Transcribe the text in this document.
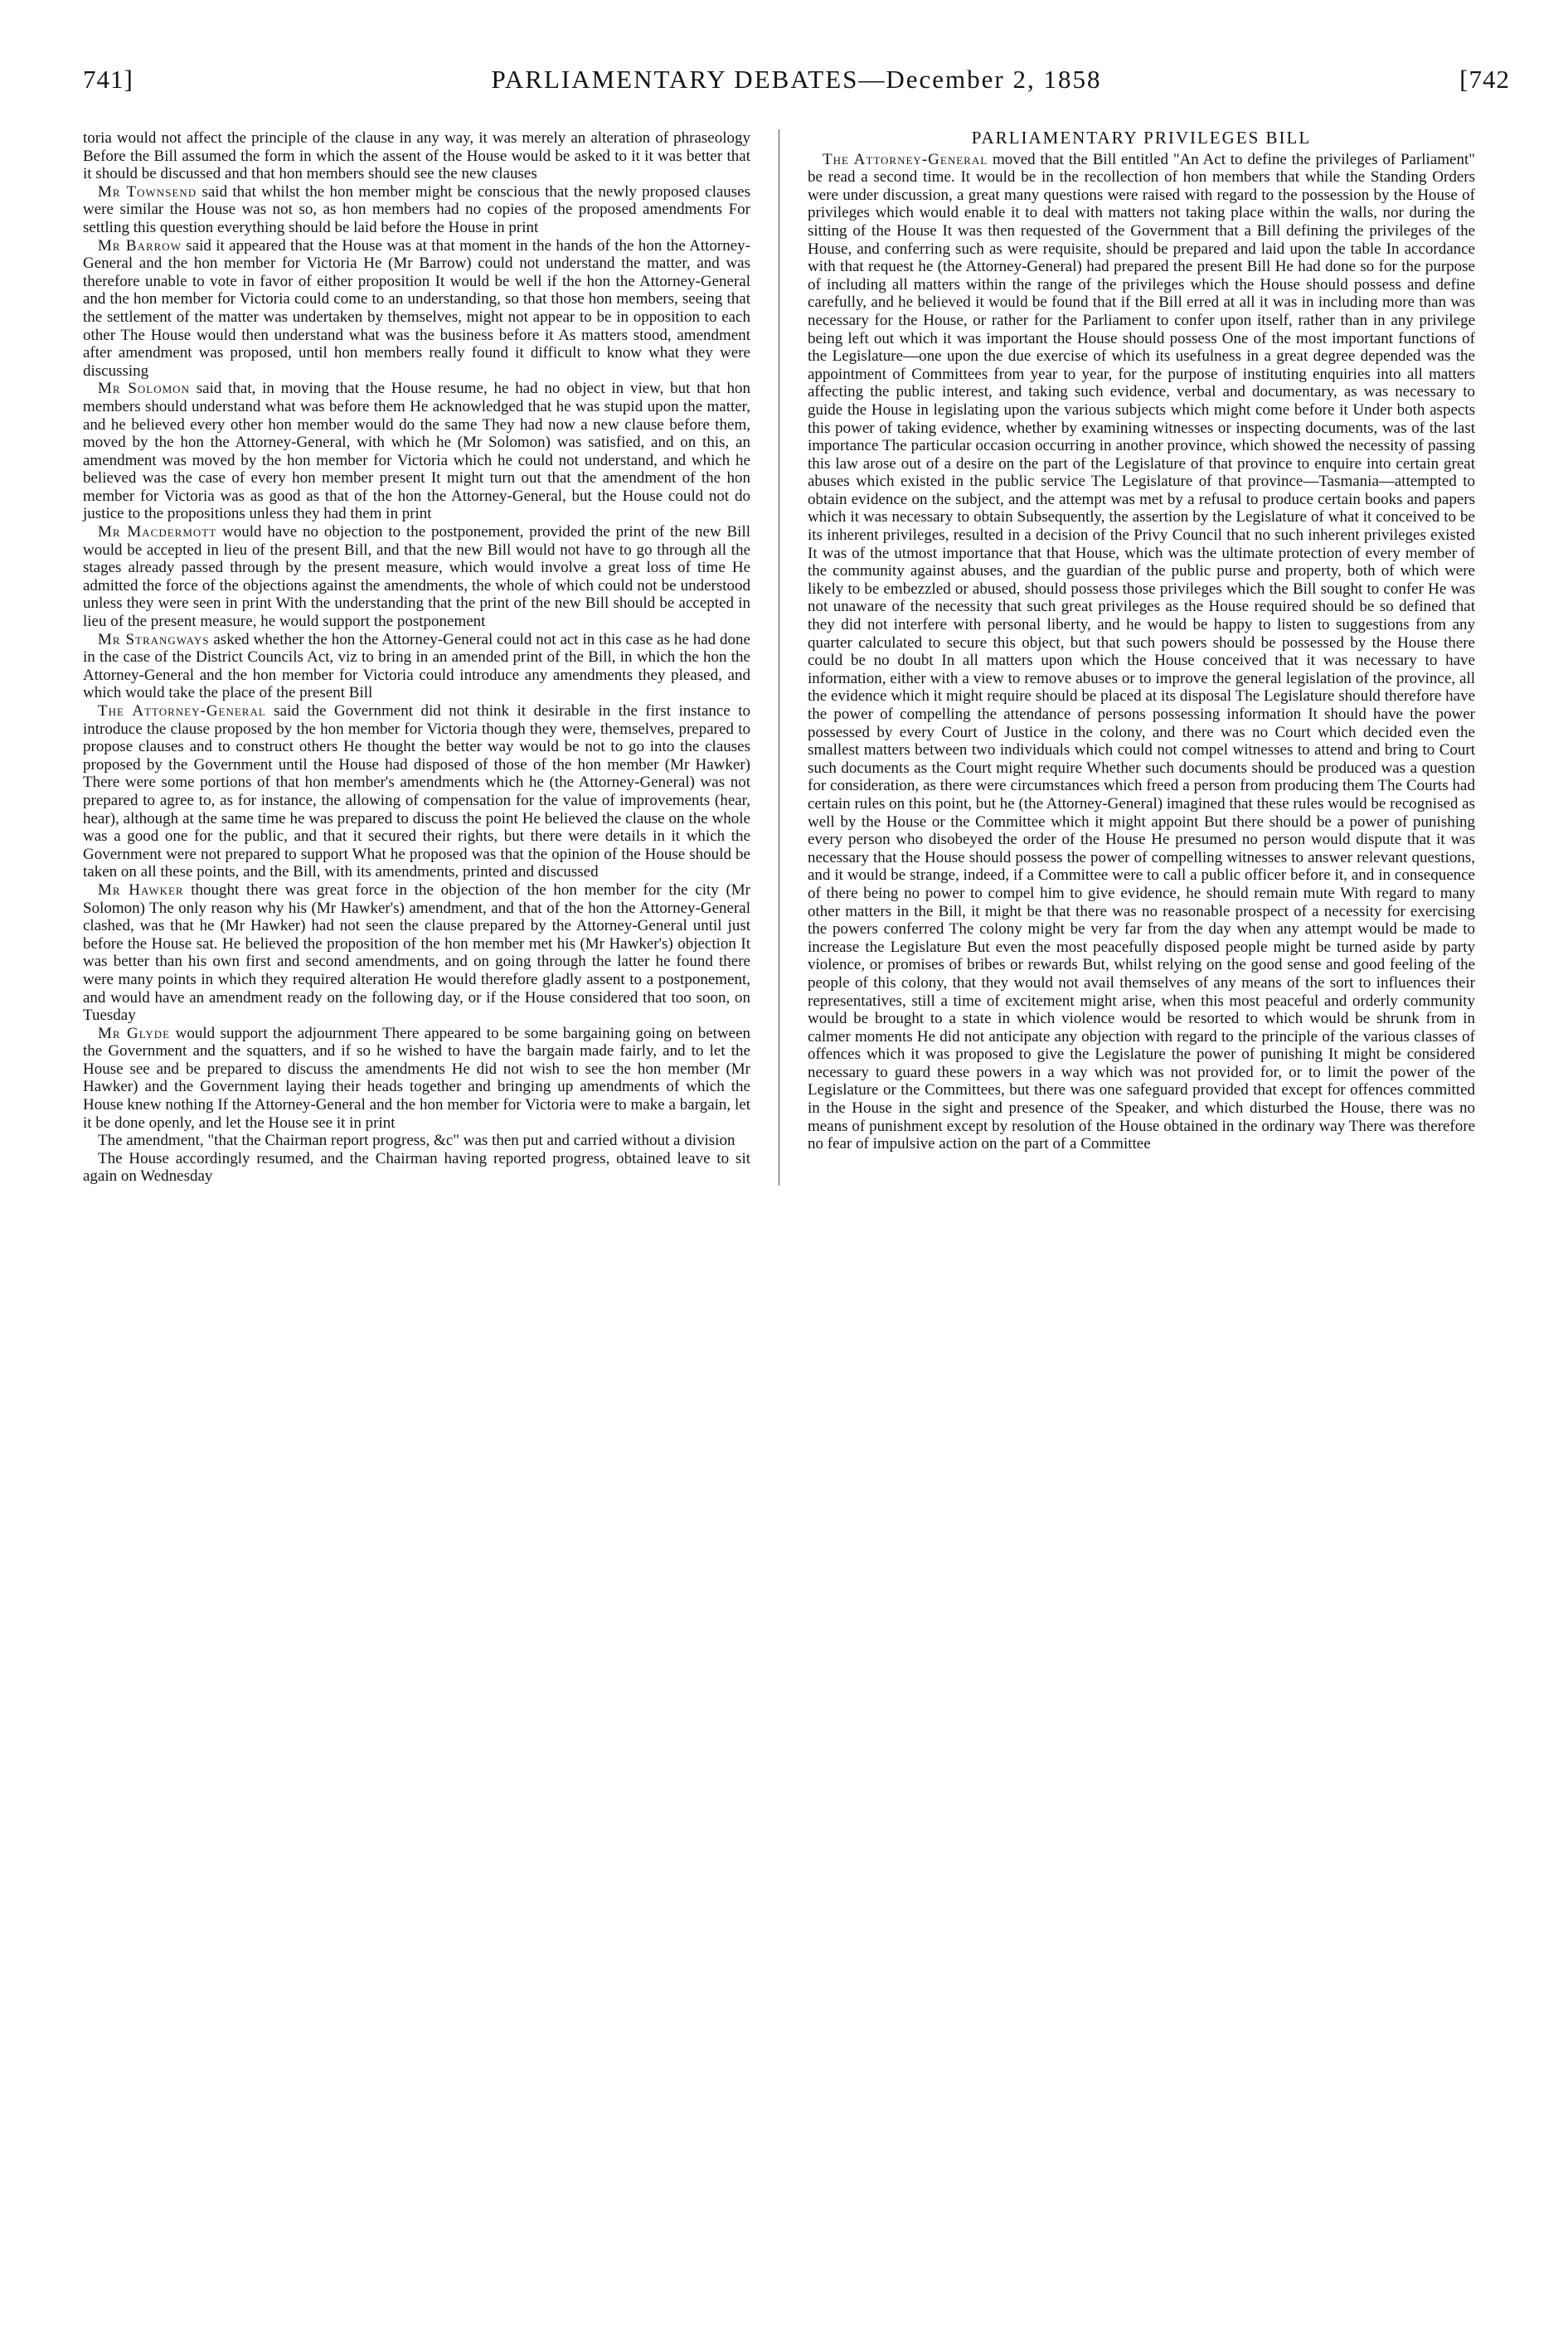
741]	PARLIAMENTARY DEBATES—December 2, 1858	[742

toria would not affect the principle of the clause in any way, it was merely an alteration of phraseology Before the Bill assumed the form in which the assent of the House would be asked to it it was better that it should be discussed and that hon members should see the new clauses

Mr Townsend said that whilst the hon member might be conscious that the newly proposed clauses were similar the House was not so, as hon members had no copies of the proposed amendments For settling this question everything should be laid before the House in print

Mr Barrow said it appeared that the House was at that moment in the hands of the hon the Attorney-General and the hon member for Victoria He (Mr Barrow) could not understand the matter, and was therefore unable to vote in favor of either proposition It would be well if the hon the Attorney-General and the hon member for Victoria could come to an understanding, so that those hon members, seeing that the settlement of the matter was undertaken by themselves, might not appear to be in opposition to each other The House would then understand what was the business before it As matters stood, amendment after amendment was proposed, until hon members really found it difficult to know what they were discussing

Mr Solomon said that, in moving that the House resume, he had no object in view, but that hon members should understand what was before them He acknowledged that he was stupid upon the matter, and he believed every other hon member would do the same They had now a new clause before them, moved by the hon the Attorney-General, with which he (Mr Solomon) was satisfied, and on this, an amendment was moved by the hon member for Victoria which he could not understand, and which he believed was the case of every hon member present It might turn out that the amendment of the hon member for Victoria was as good as that of the hon the Attorney-General, but the House could not do justice to the propositions unless they had them in print

Mr Macdermott would have no objection to the postponement, provided the print of the new Bill would be accepted in lieu of the present Bill, and that the new Bill would not have to go through all the stages already passed through by the present measure, which would involve a great loss of time He admitted the force of the objections against the amendments, the whole of which could not be understood unless they were seen in print With the understanding that the print of the new Bill should be accepted in lieu of the present measure, he would support the postponement

Mr Strangways asked whether the hon the Attorney-General could not act in this case as he had done in the case of the District Councils Act, viz to bring in an amended print of the Bill, in which the hon the Attorney-General and the hon member for Victoria could introduce any amendments they pleased, and which would take the place of the present Bill

The Attorney-General said the Government did not think it desirable in the first instance to introduce the clause proposed by the hon member for Victoria though they were, themselves, prepared to propose clauses and to construct others He thought the better way would be not to go into the clauses proposed by the Government until the House had disposed of those of the hon member (Mr Hawker) There were some portions of that hon member's amendments which he (the Attorney-General) was not prepared to agree to, as for instance, the allowing of compensation for the value of improvements (hear, hear), although at the same time he was prepared to discuss the point He believed the clause on the whole was a good one for the public, and that it secured their rights, but there were details in it which the Government were not prepared to support What he proposed was that the opinion of the House should be taken on all these points, and the Bill, with its amendments, printed and discussed

Mr Hawker thought there was great force in the objection of the hon member for the city (Mr Solomon) The only reason why his (Mr Hawker's) amendment, and that of the hon the Attorney-General clashed, was that he (Mr Hawker) had not seen the clause prepared by the Attorney-General until just before the House sat. He believed the proposition of the hon member met his (Mr Hawker's) objection It was better than his own first and second amendments, and on going through the latter he found there were many points in which they required alteration He would therefore gladly assent to a postponement, and would have an amendment ready on the following day, or if the House considered that too soon, on Tuesday

Mr Glyde would support the adjournment There appeared to be some bargaining going on between the Government and the squatters, and if so he wished to have the bargain made fairly, and to let the House see and be prepared to discuss the amendments He did not wish to see the hon member (Mr Hawker) and the Government laying their heads together and bringing up amendments of which the House knew nothing If the Attorney-General and the hon member for Victoria were to make a bargain, let it be done openly, and let the House see it in print

The amendment, "that the Chairman report progress, &c" was then put and carried without a division

The House accordingly resumed, and the Chairman having reported progress, obtained leave to sit again on Wednesday

PARLIAMENTARY PRIVILEGES BILL

The Attorney-General moved that the Bill entitled "An Act to define the privileges of Parliament" be read a second time. It would be in the recollection of hon members that while the Standing Orders were under discussion, a great many questions were raised with regard to the possession by the House of privileges which would enable it to deal with matters not taking place within the walls, nor during the sitting of the House It was then requested of the Government that a Bill defining the privileges of the House, and conferring such as were requisite, should be prepared and laid upon the table In accordance with that request he (the Attorney-General) had prepared the present Bill He had done so for the purpose of including all matters within the range of the privileges which the House should possess and define carefully, and he believed it would be found that if the Bill erred at all it was in including more than was necessary for the House, or rather for the Parliament to confer upon itself, rather than in any privilege being left out which it was important the House should possess One of the most important functions of the Legislature—one upon the due exercise of which its usefulness in a great degree depended was the appointment of Committees from year to year, for the purpose of instituting enquiries into all matters affecting the public interest, and taking such evidence, verbal and documentary, as was necessary to guide the House in legislating upon the various subjects which might come before it Under both aspects this power of taking evidence, whether by examining witnesses or inspecting documents, was of the last importance The particular occasion occurring in another province, which showed the necessity of passing this law arose out of a desire on the part of the Legislature of that province to enquire into certain great abuses which existed in the public service The Legislature of that province—Tasmania—attempted to obtain evidence on the subject, and the attempt was met by a refusal to produce certain books and papers which it was necessary to obtain Subsequently, the assertion by the Legislature of what it conceived to be its inherent privileges, resulted in a decision of the Privy Council that no such inherent privileges existed It was of the utmost importance that that House, which was the ultimate protection of every member of the community against abuses, and the guardian of the public purse and property, both of which were likely to be embezzled or abused, should possess those privileges which the Bill sought to confer He was not unaware of the necessity that such great privileges as the House required should be so defined that they did not interfere with personal liberty, and he would be happy to listen to suggestions from any quarter calculated to secure this object, but that such powers should be possessed by the House there could be no doubt In all matters upon which the House conceived that it was necessary to have information, either with a view to remove abuses or to improve the general legislation of the province, all the evidence which it might require should be placed at its disposal The Legislature should therefore have the power of compelling the attendance of persons possessing information It should have the power possessed by every Court of Justice in the colony, and there was no Court which decided even the smallest matters between two individuals which could not compel witnesses to attend and bring to Court such documents as the Court might require Whether such documents should be produced was a question for consideration, as there were circumstances which freed a person from producing them The Courts had certain rules on this point, but he (the Attorney-General) imagined that these rules would be recognised as well by the House or the Committee which it might appoint But there should be a power of punishing every person who disobeyed the order of the House He presumed no person would dispute that it was necessary that the House should possess the power of compelling witnesses to answer relevant questions, and it would be strange, indeed, if a Committee were to call a public officer before it, and in consequence of there being no power to compel him to give evidence, he should remain mute With regard to many other matters in the Bill, it might be that there was no reasonable prospect of a necessity for exercising the powers conferred The colony might be very far from the day when any attempt would be made to increase the Legislature But even the most peacefully disposed people might be turned aside by party violence, or promises of bribes or rewards But, whilst relying on the good sense and good feeling of the people of this colony, that they would not avail themselves of any means of the sort to influences their representatives, still a time of excitement might arise, when this most peaceful and orderly community would be brought to a state in which violence would be resorted to which would be shrunk from in calmer moments He did not anticipate any objection with regard to the principle of the various classes of offences which it was proposed to give the Legislature the power of punishing It might be considered necessary to guard these powers in a way which was not provided for, or to limit the power of the Legislature or the Committees, but there was one safeguard provided that except for offences committed in the House in the sight and presence of the Speaker, and which disturbed the House, there was no means of punishment except by resolution of the House obtained in the ordinary way There was therefore no fear of impulsive action on the part of a Committee
